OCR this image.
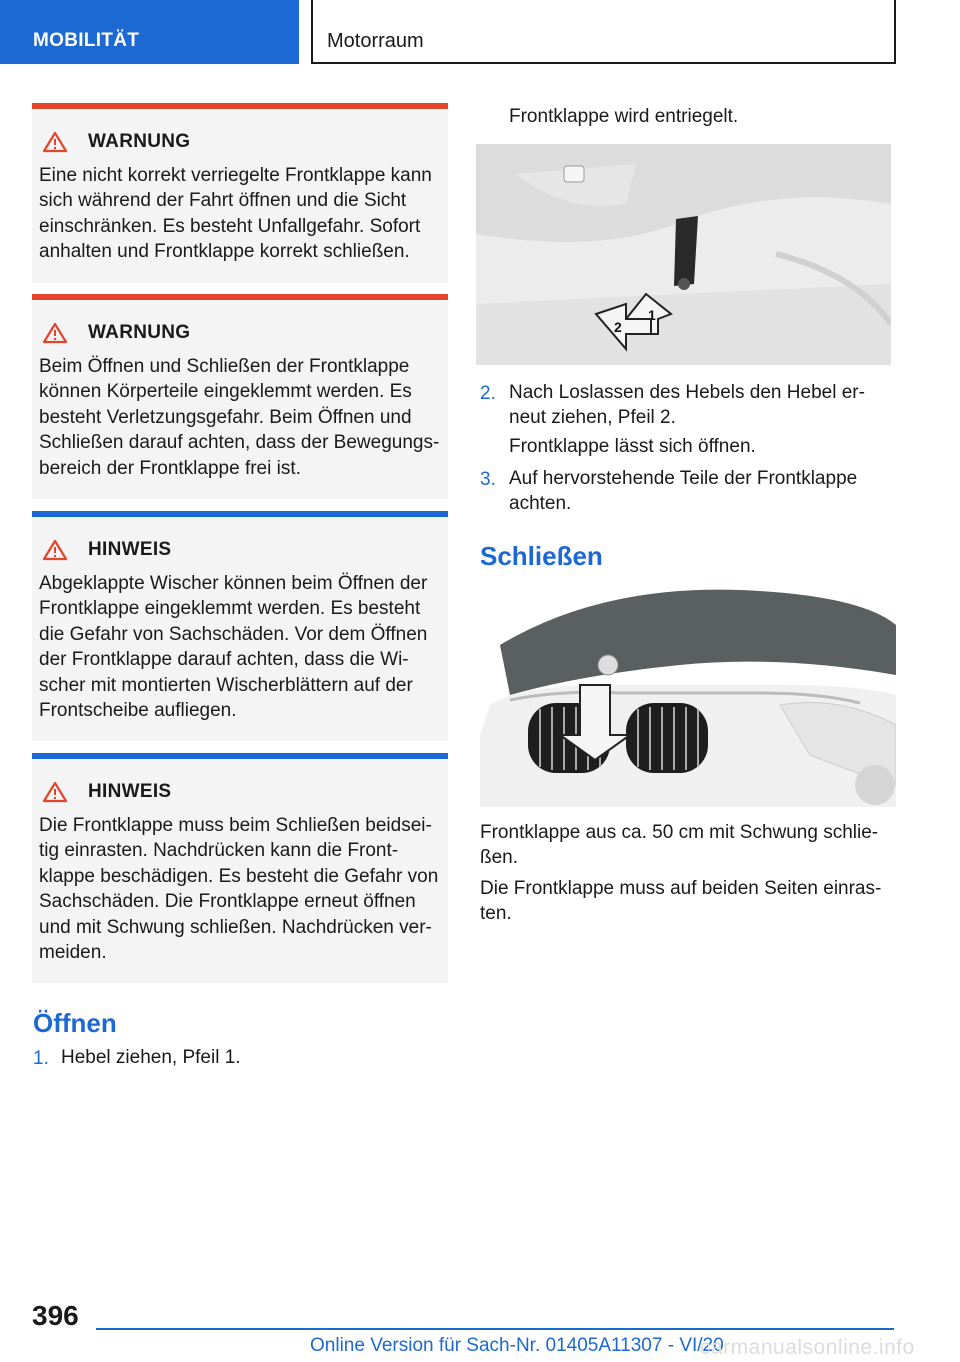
MOBILITÄT	Motorraum
WARNUNG
Eine nicht korrekt verriegelte Frontklappe kann sich während der Fahrt öffnen und die Sicht einschränken. Es besteht Unfallgefahr. Sofort anhalten und Frontklappe korrekt schließen.
WARNUNG
Beim Öffnen und Schließen der Frontklappe können Körperteile eingeklemmt werden. Es besteht Verletzungsgefahr. Beim Öffnen und Schließen darauf achten, dass der Bewegungs-bereich der Frontklappe frei ist.
HINWEIS
Abgeklappte Wischer können beim Öffnen der Frontklappe eingeklemmt werden. Es besteht die Gefahr von Sachschäden. Vor dem Öffnen der Frontklappe darauf achten, dass die Wi-scher mit montierten Wischerblättern auf der Frontscheibe aufliegen.
HINWEIS
Die Frontklappe muss beim Schließen beidsei-tig einrasten. Nachdrücken kann die Front-klappe beschädigen. Es besteht die Gefahr von Sachschäden. Die Frontklappe erneut öffnen und mit Schwung schließen. Nachdrücken ver-meiden.
Öffnen
1. Hebel ziehen, Pfeil 1.
Frontklappe wird entriegelt.
1
2
2. Nach Loslassen des Hebels den Hebel er-neut ziehen, Pfeil 2.
Frontklappe lässt sich öffnen.
3. Auf hervorstehende Teile der Frontklappe achten.
Schließen
Frontklappe aus ca. 50 cm mit Schwung schlie-ßen.
Die Frontklappe muss auf beiden Seiten einras-ten.
396
Online Version für Sach-Nr. 01405A11307 - VI/20
carmanualsonline.info
